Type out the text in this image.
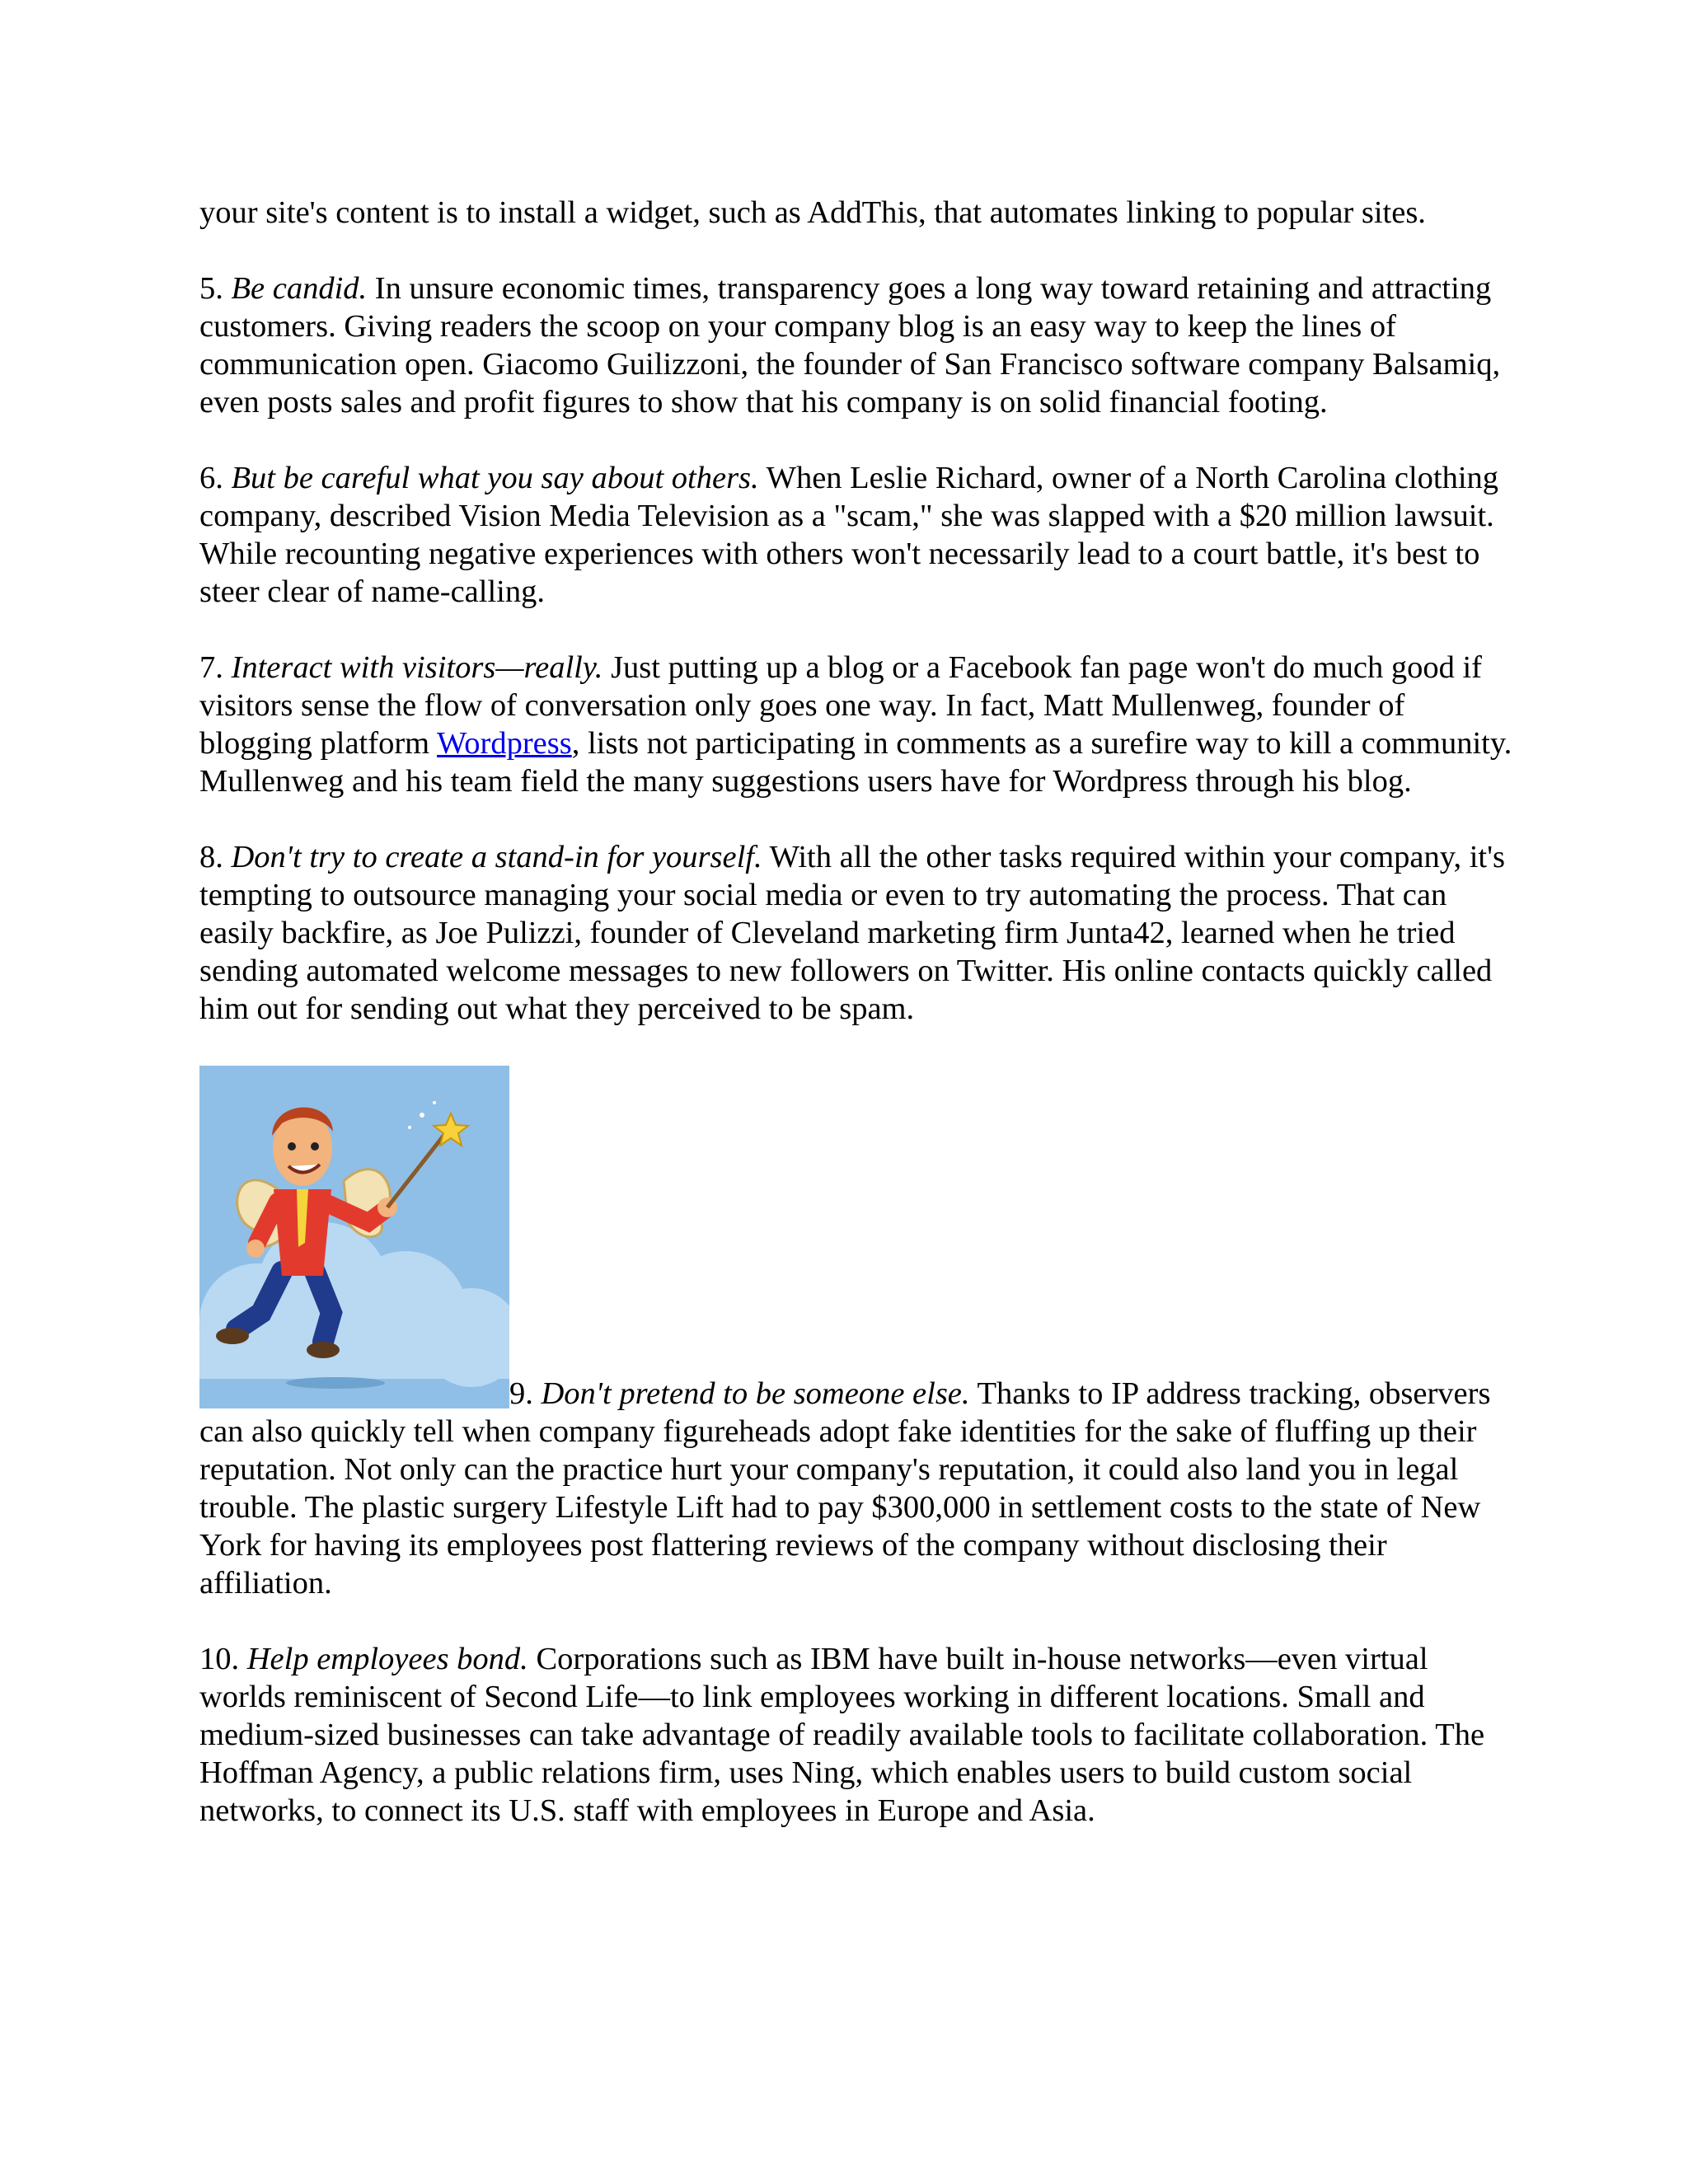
your site's content is to install a widget, such as AddThis, that automates linking to popular sites.

5. Be candid. In unsure economic times, transparency goes a long way toward retaining and attracting customers. Giving readers the scoop on your company blog is an easy way to keep the lines of communication open. Giacomo Guilizzoni, the founder of San Francisco software company Balsamiq, even posts sales and profit figures to show that his company is on solid financial footing.

6. But be careful what you say about others. When Leslie Richard, owner of a North Carolina clothing company, described Vision Media Television as a "scam," she was slapped with a $20 million lawsuit. While recounting negative experiences with others won't necessarily lead to a court battle, it's best to steer clear of name-calling.

7. Interact with visitors—really. Just putting up a blog or a Facebook fan page won't do much good if visitors sense the flow of conversation only goes one way. In fact, Matt Mullenweg, founder of blogging platform Wordpress, lists not participating in comments as a surefire way to kill a community. Mullenweg and his team field the many suggestions users have for Wordpress through his blog.

8. Don't try to create a stand-in for yourself. With all the other tasks required within your company, it's tempting to outsource managing your social media or even to try automating the process. That can easily backfire, as Joe Pulizzi, founder of Cleveland marketing firm Junta42, learned when he tried sending automated welcome messages to new followers on Twitter. His online contacts quickly called him out for sending out what they perceived to be spam.

9. Don't pretend to be someone else. Thanks to IP address tracking, observers can also quickly tell when company figureheads adopt fake identities for the sake of fluffing up their reputation. Not only can the practice hurt your company's reputation, it could also land you in legal trouble. The plastic surgery Lifestyle Lift had to pay $300,000 in settlement costs to the state of New York for having its employees post flattering reviews of the company without disclosing their affiliation.

10. Help employees bond. Corporations such as IBM have built in-house networks—even virtual worlds reminiscent of Second Life—to link employees working in different locations. Small and medium-sized businesses can take advantage of readily available tools to facilitate collaboration. The Hoffman Agency, a public relations firm, uses Ning, which enables users to build custom social networks, to connect its U.S. staff with employees in Europe and Asia.
